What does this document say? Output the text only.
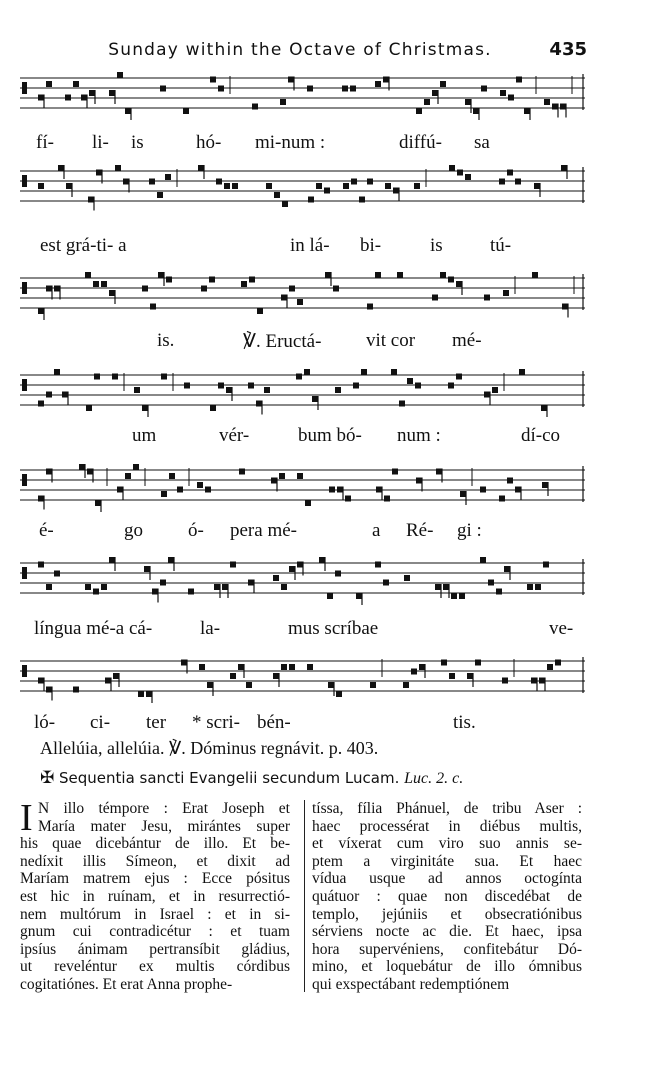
Sunday within the Octave of Christmas.	435
fí- li- is	hó- mi-num :	diffú- sa
est grá-ti- a	in lá- bi-	is tú-
is.	℣. Eructá- vit cor mé-
um	vér-	bum bó- num :	dí-co
é-	go ó- pera mé-	a Ré- gi :
língua mé-a cá-	la-	mus scríbae	ve-
ló- ci- ter * scri- bén-	tis.
Allelúia, allelúia. ℣. Dóminus regnávit. p. 403.
✠ Sequentia sancti Evangelii secundum Lucam. Luc. 2. c.
I N illo témpore : Erat Joseph et
María mater Jesu, mirántes super
his quae dicebántur de illo. Et be-
nedíxit illis Símeon, et dixit ad
Maríam matrem ejus : Ecce pósitus
est hic in ruínam, et in resurrectió-
nem multórum in Israel : et in si-
gnum cui contradicétur : et tuam
ipsíus ánimam pertransíbit gládius,
ut reveléntur ex multis córdibus
cogitatiónes. Et erat Anna prophe-
tíssa, fília Phánuel, de tribu Aser :
haec processérat in diébus multis,
et víxerat cum viro suo annis se-
ptem a virginitáte sua. Et haec
vídua usque ad annos octogínta
quátuor : quae non discedébat de
templo, jejúniis et obsecratiónibus
sérviens nocte ac die. Et haec, ipsa
hora supervéniens, confitebátur Dó-
mino, et loquebátur de illo ómnibus
qui exspectábant redemptiónem
